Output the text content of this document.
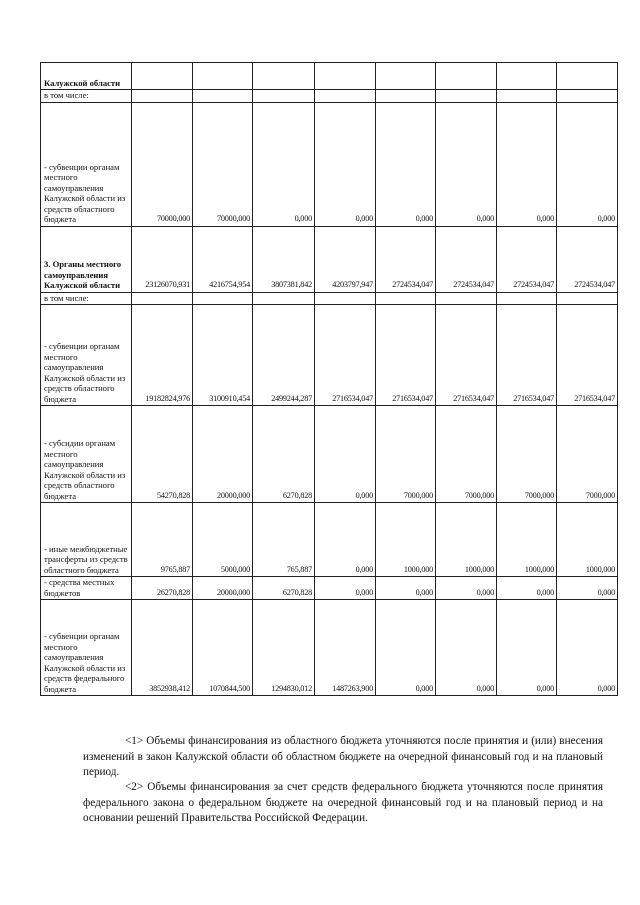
Калужской области								
в том числе:								
- субвенции органам местного самоуправления Калужской области из средств областного бюджета	70000,000	70000,000	0,000	0,000	0,000	0,000	0,000	0,000
3. Органы местного самоуправления Калужской области	23126070,931	4216754,954	3807381,842	4203797,947	2724534,047	2724534,047	2724534,047	2724534,047
в том числе:								
- субвенции органам местного самоуправления Калужской области из средств областного бюджета	19182824,976	3100910,454	2499244,287	2716534,047	2716534,047	2716534,047	2716534,047	2716534,047
- субсидии органам местного самоуправления Калужской области из средств областного бюджета	54270,828	20000,000	6270,828	0,000	7000,000	7000,000	7000,000	7000,000
- иные межбюджетные трансферты из средств областного бюджета	9765,887	5000,000	765,887	0,000	1000,000	1000,000	1000,000	1000,000
- средства местных бюджетов	26270,828	20000,000	6270,828	0,000	0,000	0,000	0,000	0,000
- субвенции органам местного самоуправления Калужской области из средств федерального бюджета	3852938,412	1070844,500	1294830,012	1487263,900	0,000	0,000	0,000	0,000
<1> Объемы финансирования из областного бюджета уточняются после принятия и (или) внесения изменений в закон Калужской области об областном бюджете на очередной финансовый год и на плановый период.
<2> Объемы финансирования за счет средств федерального бюджета уточняются после принятия федерального закона о федеральном бюджете на очередной финансовый год и на плановый период и на основании решений Правительства Российской Федерации.
